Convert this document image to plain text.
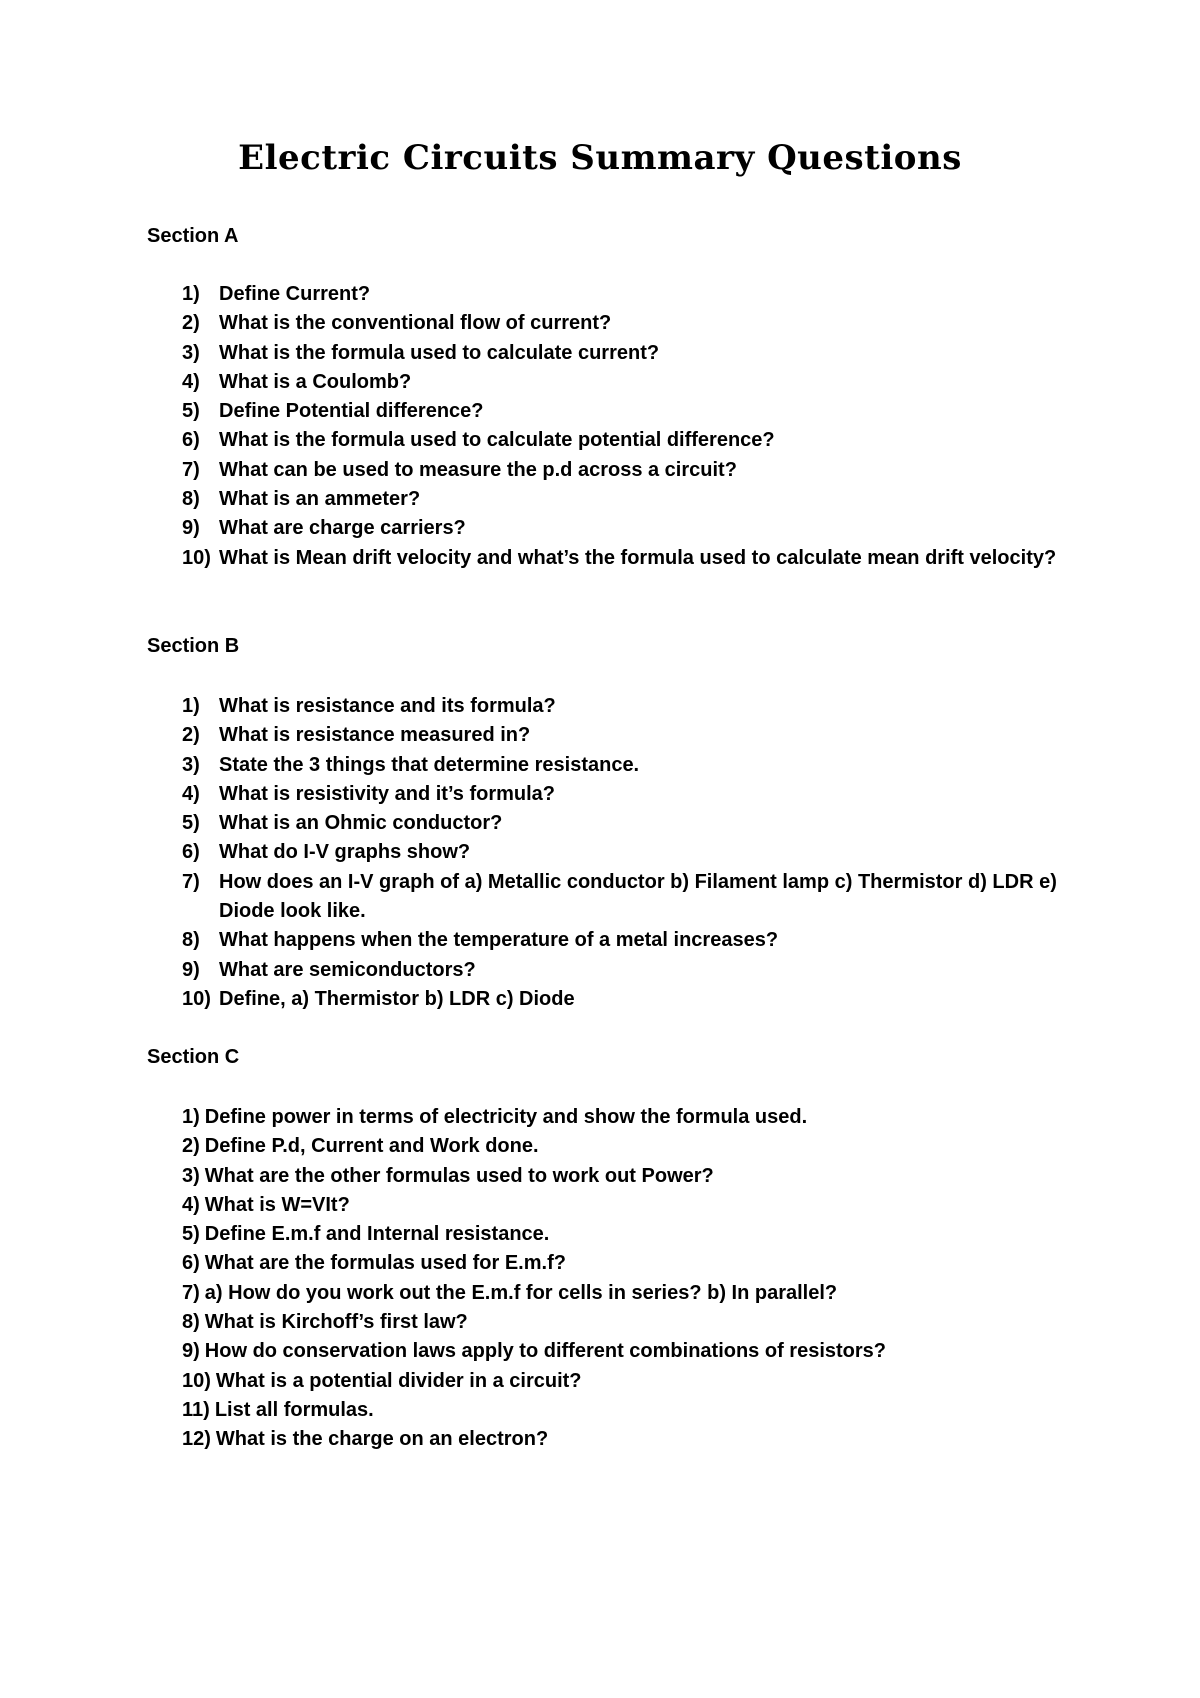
Electric Circuits Summary Questions
Section A
1) Define Current?
2) What is the conventional flow of current?
3) What is the formula used to calculate current?
4) What is a Coulomb?
5) Define Potential difference?
6) What is the formula used to calculate potential difference?
7) What can be used to measure the p.d across a circuit?
8) What is an ammeter?
9) What are charge carriers?
10) What is Mean drift velocity and what’s the formula used to calculate mean drift velocity?
Section B
1) What is resistance and its formula?
2) What is resistance measured in?
3) State the 3 things that determine resistance.
4) What is resistivity and it’s formula?
5) What is an Ohmic conductor?
6) What do I-V graphs show?
7) How does an I-V graph of a) Metallic conductor b) Filament lamp c) Thermistor d) LDR e) Diode look like.
8) What happens when the temperature of a metal increases?
9) What are semiconductors?
10) Define, a) Thermistor b) LDR c) Diode
Section C
1) Define power in terms of electricity and show the formula used.
2) Define P.d, Current and Work done.
3) What are the other formulas used to work out Power?
4) What is W=VIt?
5) Define E.m.f and Internal resistance.
6) What are the formulas used for E.m.f?
7) a) How do you work out the E.m.f for cells in series? b) In parallel?
8) What is Kirchoff’s first law?
9) How do conservation laws apply to different combinations of resistors?
10) What is a potential divider in a circuit?
11) List all formulas.
12) What is the charge on an electron?
